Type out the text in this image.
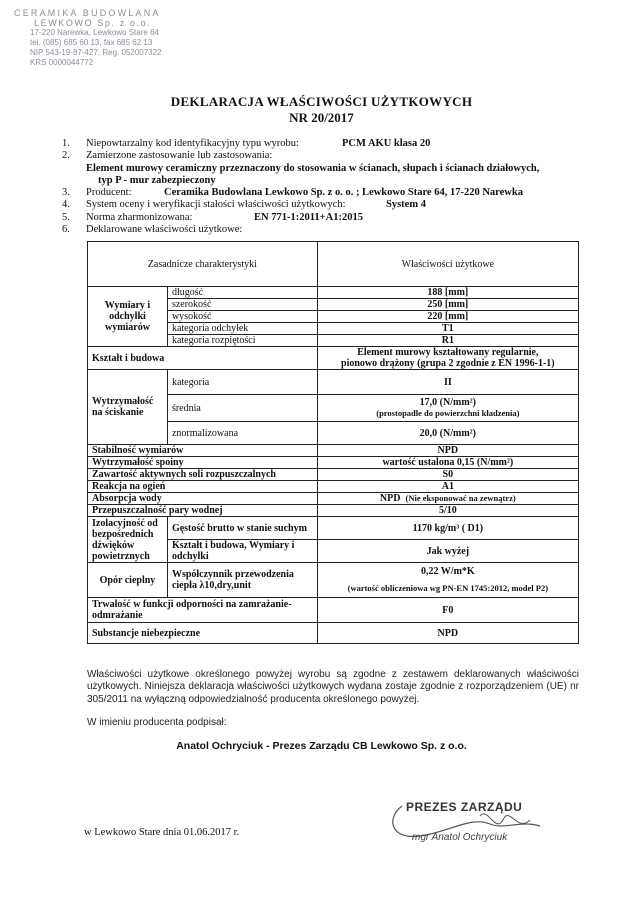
CERAMIKA BUDOWLANA
LEWKOWO Sp. z o.o.
17-220 Narewka, Lewkowo Stare 64
tel. (085) 685 60 13, fax 685 62 13
NIP 543-19-87-427, Reg. 052007322
KRS 0000044772
DEKLARACJA WŁAŚCIWOŚCI UŻYTKOWYCH
NR 20/2017
1. Niepowtarzalny kod identyfikacyjny typu wyrobu:	PCM AKU klasa 20
2. Zamierzone zastosowanie lub zastosowania:
Element murowy ceramiczny przeznaczony do stosowania w ścianach, słupach i ścianach działowych,
typ P - mur zabezpieczony
3. Producent:	Ceramika Budowlana Lewkowo Sp. z o. o. ; Lewkowo Stare 64, 17-220 Narewka
4. System oceny i weryfikacji stałości właściwości użytkowych:	System 4
5. Norma zharmonizowana:	EN 771-1:2011+A1:2015
6. Deklarowane właściwości użytkowe:
Zasadnicze charakterystyki		Właściwości użytkowe
Wymiary i odchyłki wymiarów	długość	188 [mm]
	szerokość	250 [mm]
	wysokość	220 [mm]
	kategoria odchyłek	T1
	kategoria rozpiętości	R1
Kształt i budowa		Element murowy kształtowany regularnie,
pionowo drążony (grupa 2 zgodnie z EN 1996-1-1)

Wytrzymałość na ściskanie	kategoria	II
	średnia	17,0 (N/mm²)
(prostopadle do powierzchni kładzenia)

	znormalizowana	20,0 (N/mm²)
Stabilność wymiarów		NPD
Wytrzymałość spoiny		wartość ustalona 0,15 (N/mm²)
Zawartość aktywnych soli rozpuszczalnych		S0
Reakcja na ogień		A1
Absorpcja wody		NPD (Nie eksponować na zewnątrz)
Przepuszczalność pary wodnej		5/10
Izolacyjność od bezpośrednich dźwięków powietrznych	Gęstość brutto w stanie suchym	1170 kg/m³ ( D1)
	Kształt i budowa, Wymiary i odchyłki	Jak wyżej
Opór cieplny	Współczynnik przewodzenia ciepła λ10,dry,unit	0,22 W/m*K
(wartość obliczeniowa wg PN-EN 1745:2012, model P2)

Trwałość w funkcji odporności na zamrażanie-odmrażanie		F0
Substancje niebezpieczne		NPD
Właściwości użytkowe określonego powyżej wyrobu są zgodne z zestawem deklarowanych właściwości użytkowych. Niniejsza deklaracja właściwości użytkowych wydana zostaje zgodnie z rozporządzeniem (UE) nr 305/2011 na wyłączną odpowiedzialność producenta określonego powyżej.
W imieniu producenta podpisał:
Anatol Ochryciuk - Prezes Zarządu CB Lewkowo Sp. z o.o.
PREZES ZARZĄDU
mgr Anatol Ochryciuk
w Lewkowo Stare dnia 01.06.2017 r.
